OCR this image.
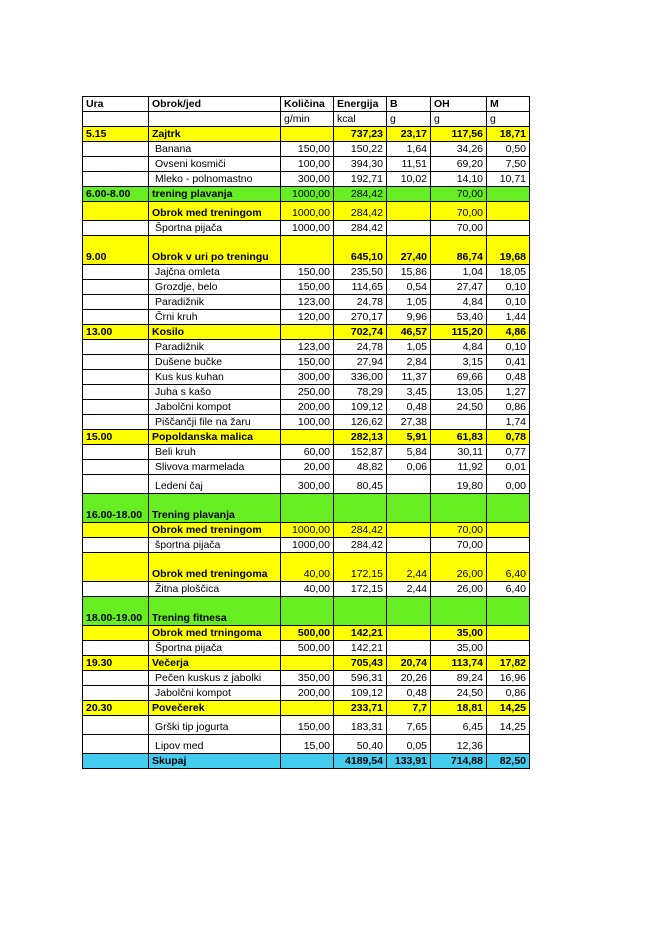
Ura	Obrok/jed	Količina	Energija	B	OH	M
		g/min	kcal	g	g	g
5.15	Zajtrk		737,23	23,17	117,56	18,71
	Banana	150,00	150,22	1,64	34,26	0,50
	Ovseni kosmiči	100,00	394,30	11,51	69,20	7,50
	Mleko - polnomastno	300,00	192,71	10,02	14,10	10,71
6.00-8.00	trening plavanja	1000,00	284,42		70,00	
	Obrok med treningom	1000,00	284,42		70,00	
	Športna pijača	1000,00	284,42		70,00	
9.00	Obrok v uri po treningu		645,10	27,40	86,74	19,68
	Jajčna omleta	150,00	235,50	15,86	1,04	18,05
	Grozdje, belo	150,00	114,65	0,54	27,47	0,10
	Paradižnik	123,00	24,78	1,05	4,84	0,10
	Črni kruh	120,00	270,17	9,96	53,40	1,44
13.00	Kosilo		702,74	46,57	115,20	4,86
	Paradižnik	123,00	24,78	1,05	4,84	0,10
	Dušene bučke	150,00	27,94	2,84	3,15	0,41
	Kus kus kuhan	300,00	336,00	11,37	69,66	0,48
	Juha s kašo	250,00	78,29	3,45	13,05	1,27
	Jabolčni kompot	200,00	109,12	0,48	24,50	0,86
	Piščančji file na žaru	100,00	126,62	27,38		1,74
15.00	Popoldanska malica		282,13	5,91	61,83	0,78
	Beli kruh	60,00	152,87	5,84	30,11	0,77
	Slivova marmelada	20,00	48,82	0,06	11,92	0,01
	Ledeni čaj	300,00	80,45		19,80	0,00
16.00-18.00	Trening plavanja					
	Obrok med treningom	1000,00	284,42		70,00	
	športna pijača	1000,00	284,42		70,00	
	Obrok med treningoma	40,00	172,15	2,44	26,00	6,40
	Žitna ploščica	40,00	172,15	2,44	26,00	6,40
18.00-19.00	Trening fitnesa					
	Obrok med trningoma	500,00	142,21		35,00	
	Športna pijača	500,00	142,21		35,00	
19.30	Večerja		705,43	20,74	113,74	17,82
	Pečen kuskus z jabolki	350,00	596,31	20,26	89,24	16,96
	Jabolčni kompot	200,00	109,12	0,48	24,50	0,86
20.30	Povečerek		233,71	7,7	18,81	14,25
	Grški tip jogurta	150,00	183,31	7,65	6,45	14,25
	Lipov med	15,00	50,40	0,05	12,36	
	Skupaj		4189,54	133,91	714,88	82,50
